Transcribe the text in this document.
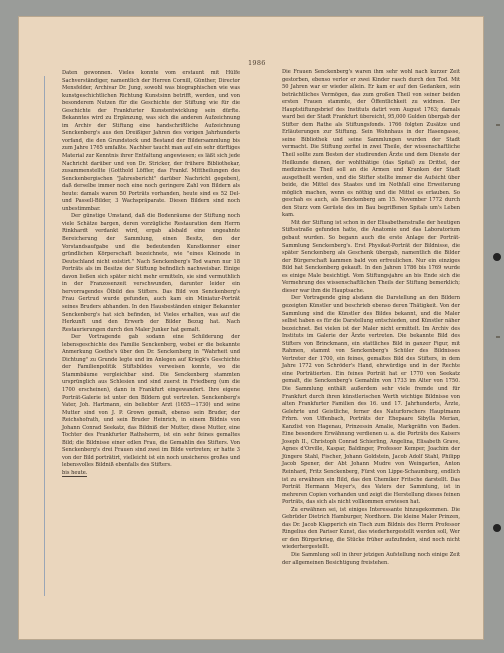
1986

Daten gewonnen. Vieles konnte vom erstaunt mit Hülfe Sachverständiger, namentlich der Herren Cornill, Günther, Director Mensfelder, Archivar Dr. Jung, sowohl was biographischen wie was kunstgeschichtlichen Richtung Kunstsinn betrifft, werden, und von besonderem Nutzen für die Geschichte der Stiftung wie für die Geschichte der Frankfurter Kunstentwicklung sein dürfte. Bekanntes wird zu Ergänzung, was sich die anderen Aufzeichnung im Archiv der Stiftung eine handschriftliche Aufzeichnung Senckenberg's aus den Dreißiger Jahren des vorigen Jahrhunderts vorfand, die den Grundstock und Bestand der Bildersammlung bis zum Jahre 1765 umfaßte. Nachher taucht man auf ein sehr dürftiges Material zur Kenntnis ihrer Entfaltung angewiesen; es läßt sich jede Nachricht darüber und von Dr. Stricker, der frühere Bibliothekar, zusammenstellte (Gotthold Löffler, das Frankf. Mittheilungen des Senckenbergischen "Jahresbericht" darüber Nachricht gegeben), daß derselbe immer noch eine noch geringere Zahl von Bildern als heute: damals waren 50 Porträts vorhanden, heute sind es 52 Del- und Passell-Bilder, 3 Wachspräparate. Diesen Bildern sind noch unbestimmbar.

Der günstige Umstand, daß die Bodenräume der Stiftung noch viele Schätze bargen, deren vorzügliche Restauration dem Herrn Rinkhardt verdankt wird, ergab alsbald eine ungeahnte Bereicherung der Sammlung, einen Besitz, den der Vorstandsaufgabe und die bedeutenden Kunstkenner einer gründlichen Körperschaft bezeichnete, wie "eines Kleinode in Deutschland nicht existirt." Nach Senckenberg's Tod waren nur 18 Porträts als im Besitze der Stiftung befindlich nachweisbar. Einige davon ließen sich später nicht mehr ermitteln, sie sind vermuthlich in der Franzosenzeit verschwunden, darunter leider ein hervorragendes Ölbild des Stifters. Das Bild von Senckenberg's Frau Gertrud wurde gefunden, auch kam ein Miniatur-Porträt seines Bruders abhanden. In den Hausbeständen einiger Bekannter Senckenberg's hat sich befinden, ist Vieles erhalten, was auf die Herkunft und den Erwerb der Bilder Bezug hat. Nach Restaurierungen durch den Maler Junker hat gemalt.

Der Vortragende gab sodann eine Schilderung der lebensgeschichte des Familie Senckenberg, wobei er die bekannte Anmerkung Goethe's über den Dr. Senckenberg in "Wahrheit und Dichtung" zu Grunde legte und im Anlegen auf Kriegk's Geschichte der Familienpolitik Stiftsbildes verweisen konnte, wo die Stammbäume vergleichbar sind. Die Senckenberg stammten ursprünglich aus Schlesien und sind zuerst in Friedberg (um die 1700 erscheinen), dann in Frankfurt eingewandert. Ihre eigene Porträt-Galerie ist unter den Bildern gut vertreten. Senckenberg's Vater, Joh. Hartmann, ein beliebter Arzt (1655—1730) und seine Mutter sind von J. P. Grown gemalt, ebenso sein Bruder, der Reichshofrath, und sein Bruder Heinrich, in einem Bildnis von Johann Conrad Seekatz, das Bildniß der Mutter, diese Mutter, eine Tochter des Frankfurter Rathsherrn, ist ein sehr feines gemaltes Bild; die Bildnisse einer edlen Frau, die Gemahlin des Stifters. Von Senckenberg's drei Frauen sind zwei im Bilde vertreten; er hatte 3 von der Bild porträtirt, vielleicht ist ein noch unsicheres großes und lebensvolles Bildniß ebenfalls des Stifters.

bis heute.

Die Frauen Senckenberg's waren ihm sehr wohl nach kurzer Zeit gestorben, ebenso verlor er zwei Kinder rasch durch den Tod. Mit 50 Jahren war er wieder allein. Er kam er auf den Gedanken, sein beträchtliches Vermögen, das zum großen Theil von seiner beiden ersten Frauen stammte, der Öffentlichkeit zu widmen. Der Hauptstiftungsbrief des Instituts datirt vom August 1763; damals ward bei der Stadt Frankfurt übereicht, 95,000 Gulden übergab der Stifter dem Rathe als Stiftungsfonds. 1766 folgten Zusätze und Erläuterungen zur Stiftung. Sein Wohnhaus in der Hasengasse, seine Bibliothek und seine Sammlungen wurden der Stadt vermacht. Die Stiftung zerfiel in zwei Theile, der wissenschaftliche Theil sollte zum Besten der studirenden Ärzte und dem Dienste der Heilkunde dienen, der wohlthätige (das Spital) zu Drittel, der medizinische Theil soll an die Armen und Kranken der Stadt ausgetheilt werden, und die Stifter stellte immer die Aufsicht über beide, die Mittel des Staates und im Nothfall eine Erweiterung möglich machen, wenn es nöthig und die Mittel es erlauben. So geschah es auch, als Senckenberg am 15. November 1772 durch den Sturz vom Gerüste des im Bau begriffenen Spitals um's Leben kam.

Mit der Stiftung ist schon in der Elisabethenstraße der heutigen Stiftsstraße gefunden hatte, die Anatomie und das Laboratorium gebaut wurden. So begann auch die erste Anlage der Porträt-Sammlung Senckenberg's. Erst Physikat-Porträt der Bildnisse, die später Senckenberg als Geschenk übergab, namentlich die Bilder der Bürgerschaft kammen bald von erfreulichen. Nur ein einziges Bild hat Senckenberg gekauft. In den Jahren 1786 bis 1769 wurde es einige Male besichtigt. Vom Stiftungsjahre an bis Ende sich die Vermehrung des wissenschaftlichen Theils der Stiftung bemerklich; dieser war ihm die Hauptsache.

Der Vortragende ging alsdann die Darstellung an den Bildern gezeigten Künstler und beschrieb ebenso deren Thätigkeit. Von der Sammlung sind die Künstler des Bildes bekannt, und die Maler selbst haben es für die Darstellung entschieden, und Künstler näher bezeichnet. Bei vielen ist der Maler nicht ermittelt. Im Archiv des Instituts im Galerie der Ärzte vertreten. Die bekannte Bild des Stifters von Brinckmann, ein stattliches Bild in ganzer Figur, mit Rahmen, stammt von Senckenberg's Schüler des Bildnisses Vertreter der 1700, ein feines, gemaltes Bild des Stifters, in dem Jahre 1772 von Schröder's Hand, ehrwürdige und in der Rechte eine Porträtierten. Ein feines Porträt hat er 1770 von Seekatz gemalt, die Senckenberg's Gemahlin von 1733 im Alter von 1750. Die Sammlung enthält außerdem sehr viele fremde und für Frankfurt durch ihren künstlerischen Werth wichtige Bildnisse von alten Frankfurter Familien des 16. und 17. Jahrhunderts, Ärzte, Gelehrte und Geistliche, ferner des Naturforschers Hauptmann Frhrn. von Uffenbach, Porträts der Ehepaare Sibylla Merian, Kanzlist von Hagenau, Prinzessin Amalie, Markgräfin von Baden. Eine besondere Erwähnung verdienen u. a. die Porträts des Kaisers Joseph II., Christoph Conrad Schierling, Angelina, Elisabeth Grave, Agnes d'Orville, Kaspar, Baldinger, Professor Kemper, Joachim der Jüngere Stahl, Fischer, Johann Goldstein, Jacob Adolf Stahl, Philipp Jacob Spener, der Abt Johann Mudre von Weingarten, Anton Reinhard, Fritz Senckenberg, Fürst von Lippe-Schaumburg, endlich ist zu erwähnen ein Bild, das den Chemiker Fritsche darstellt. Das Porträt Hermann Meyer's, des Vaters der Sammlung, ist in mehreren Copien vorhanden und zeigt die Herstellung dieses feinen Porträts, das sich als nicht vollkommen erwiesen hat.

Zu erwähnen sei, ist einiges Interessante hinzugekommen. Die Gebrüder Dietrich Hamburger, Nordhorn. Die kleine Maler Prinzen, das Dr. Jacob Klapperich ein Tisch zum Bildnis des Herrn Professor Ringelius den Pariser Kunst, das wiederhergestellt werden soll, Wer er den Bürgerkrieg, die Stücke früher aufzufinden, sind noch nicht wiederhergestellt.

Die Sammlung soll in ihrer jetzigen Aufstellung noch einige Zeit der allgemeinen Besichtigung freistehen.
